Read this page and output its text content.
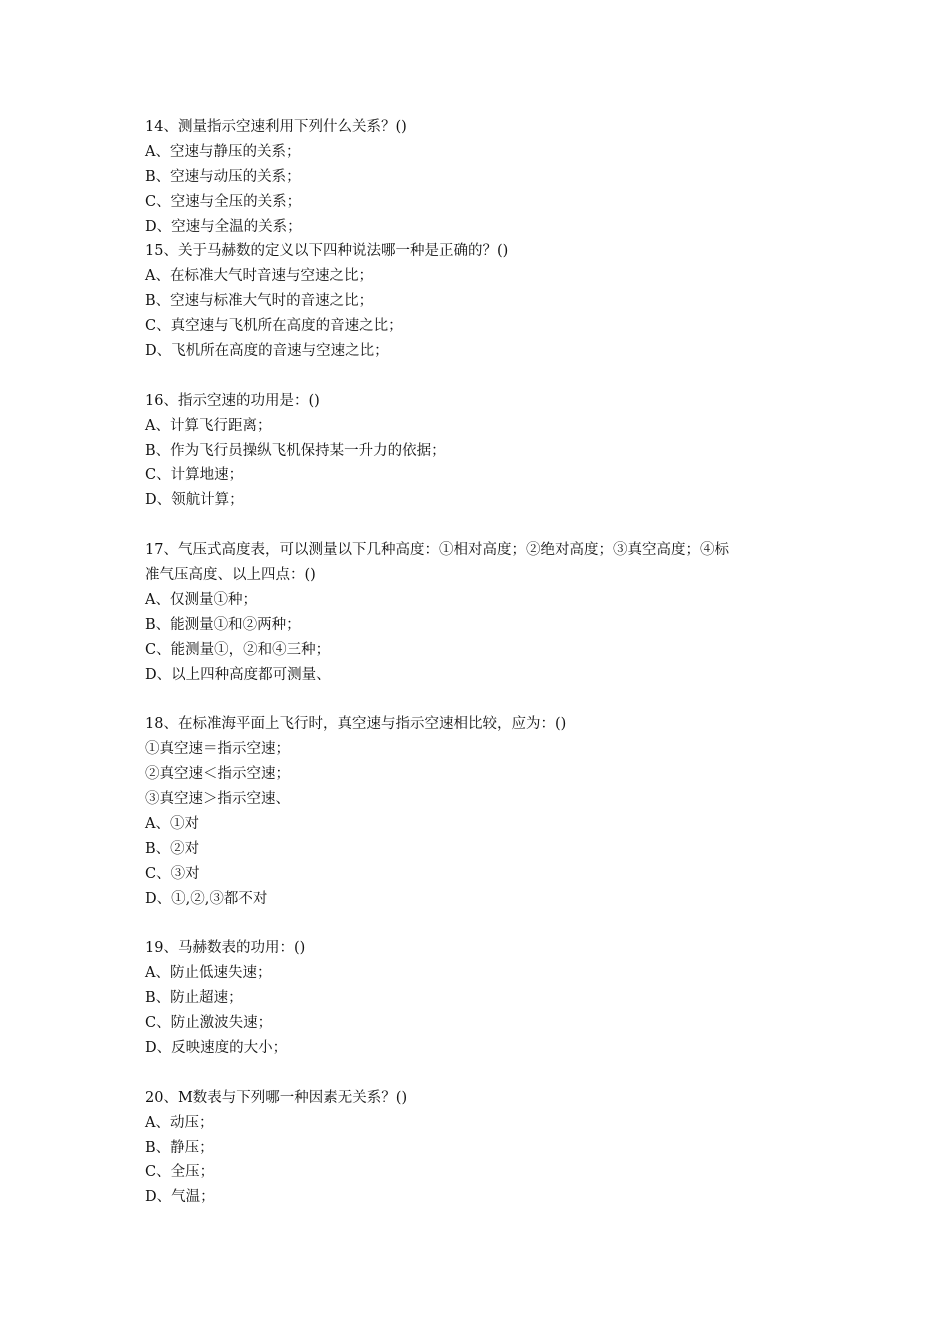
14、测量指示空速利用下列什么关系？()
A、空速与静压的关系；
B、空速与动压的关系；
C、空速与全压的关系；
D、空速与全温的关系；
15、关于马赫数的定义以下四种说法哪一种是正确的？()
A、在标准大气时音速与空速之比；
B、空速与标准大气时的音速之比；
C、真空速与飞机所在高度的音速之比；
D、飞机所在高度的音速与空速之比；
16、指示空速的功用是：()
A、计算飞行距离；
B、作为飞行员操纵飞机保持某一升力的依据；
C、计算地速；
D、领航计算；
17、气压式高度表，可以测量以下几种高度：①相对高度；②绝对高度；③真空高度；④标
准气压高度、以上四点：()
A、仅测量①种；
B、能测量①和②两种；
C、能测量①，②和④三种；
D、以上四种高度都可测量、
18、在标准海平面上飞行时，真空速与指示空速相比较，应为：()
①真空速＝指示空速；
②真空速＜指示空速；
③真空速＞指示空速、
A、①对
B、②对
C、③对
D、①,②,③都不对
19、马赫数表的功用：()
A、防止低速失速；
B、防止超速；
C、防止激波失速；
D、反映速度的大小；
20、M数表与下列哪一种因素无关系？()
A、动压；
B、静压；
C、全压；
D、气温；
